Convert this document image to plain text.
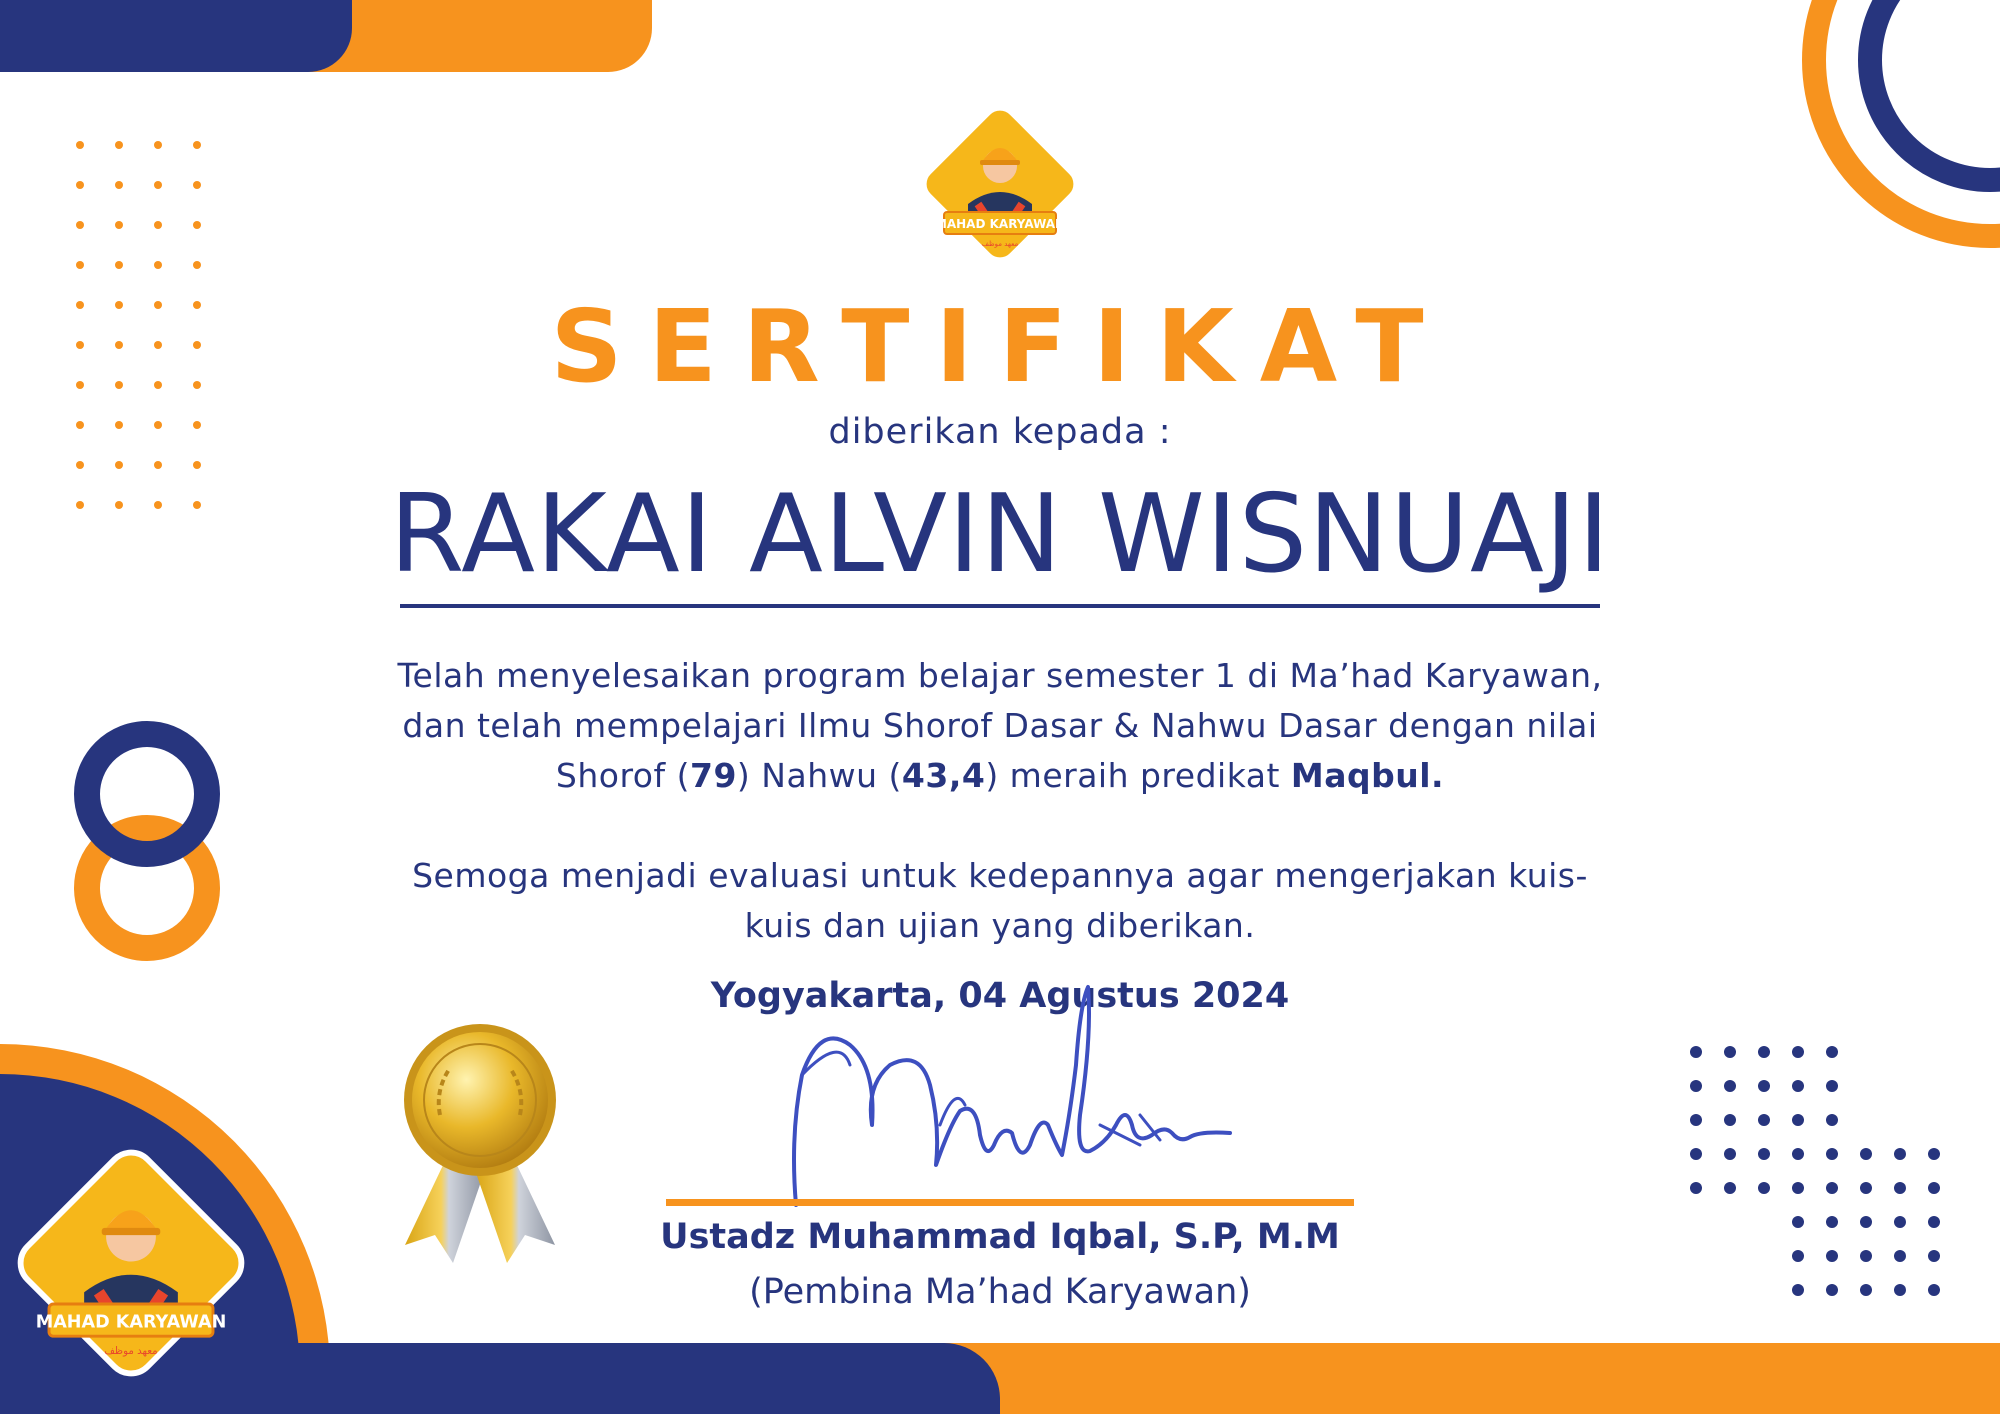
MAHAD KARYAWAN
معهد موظف
MAHAD KARYAWAN
معهد موظف
SERTIFIKAT
diberikan kepada :
RAKAI ALVIN WISNUAJI
Telah menyelesaikan program belajar semester 1 di Ma’had Karyawan,
dan telah mempelajari Ilmu Shorof Dasar & Nahwu Dasar dengan nilai
Shorof (79) Nahwu (43,4) meraih predikat Maqbul.
Semoga menjadi evaluasi untuk kedepannya agar mengerjakan kuis-
kuis dan ujian yang diberikan.
Yogyakarta, 04 Agustus 2024
Ustadz Muhammad Iqbal, S.P, M.M
(Pembina Ma’had Karyawan)
